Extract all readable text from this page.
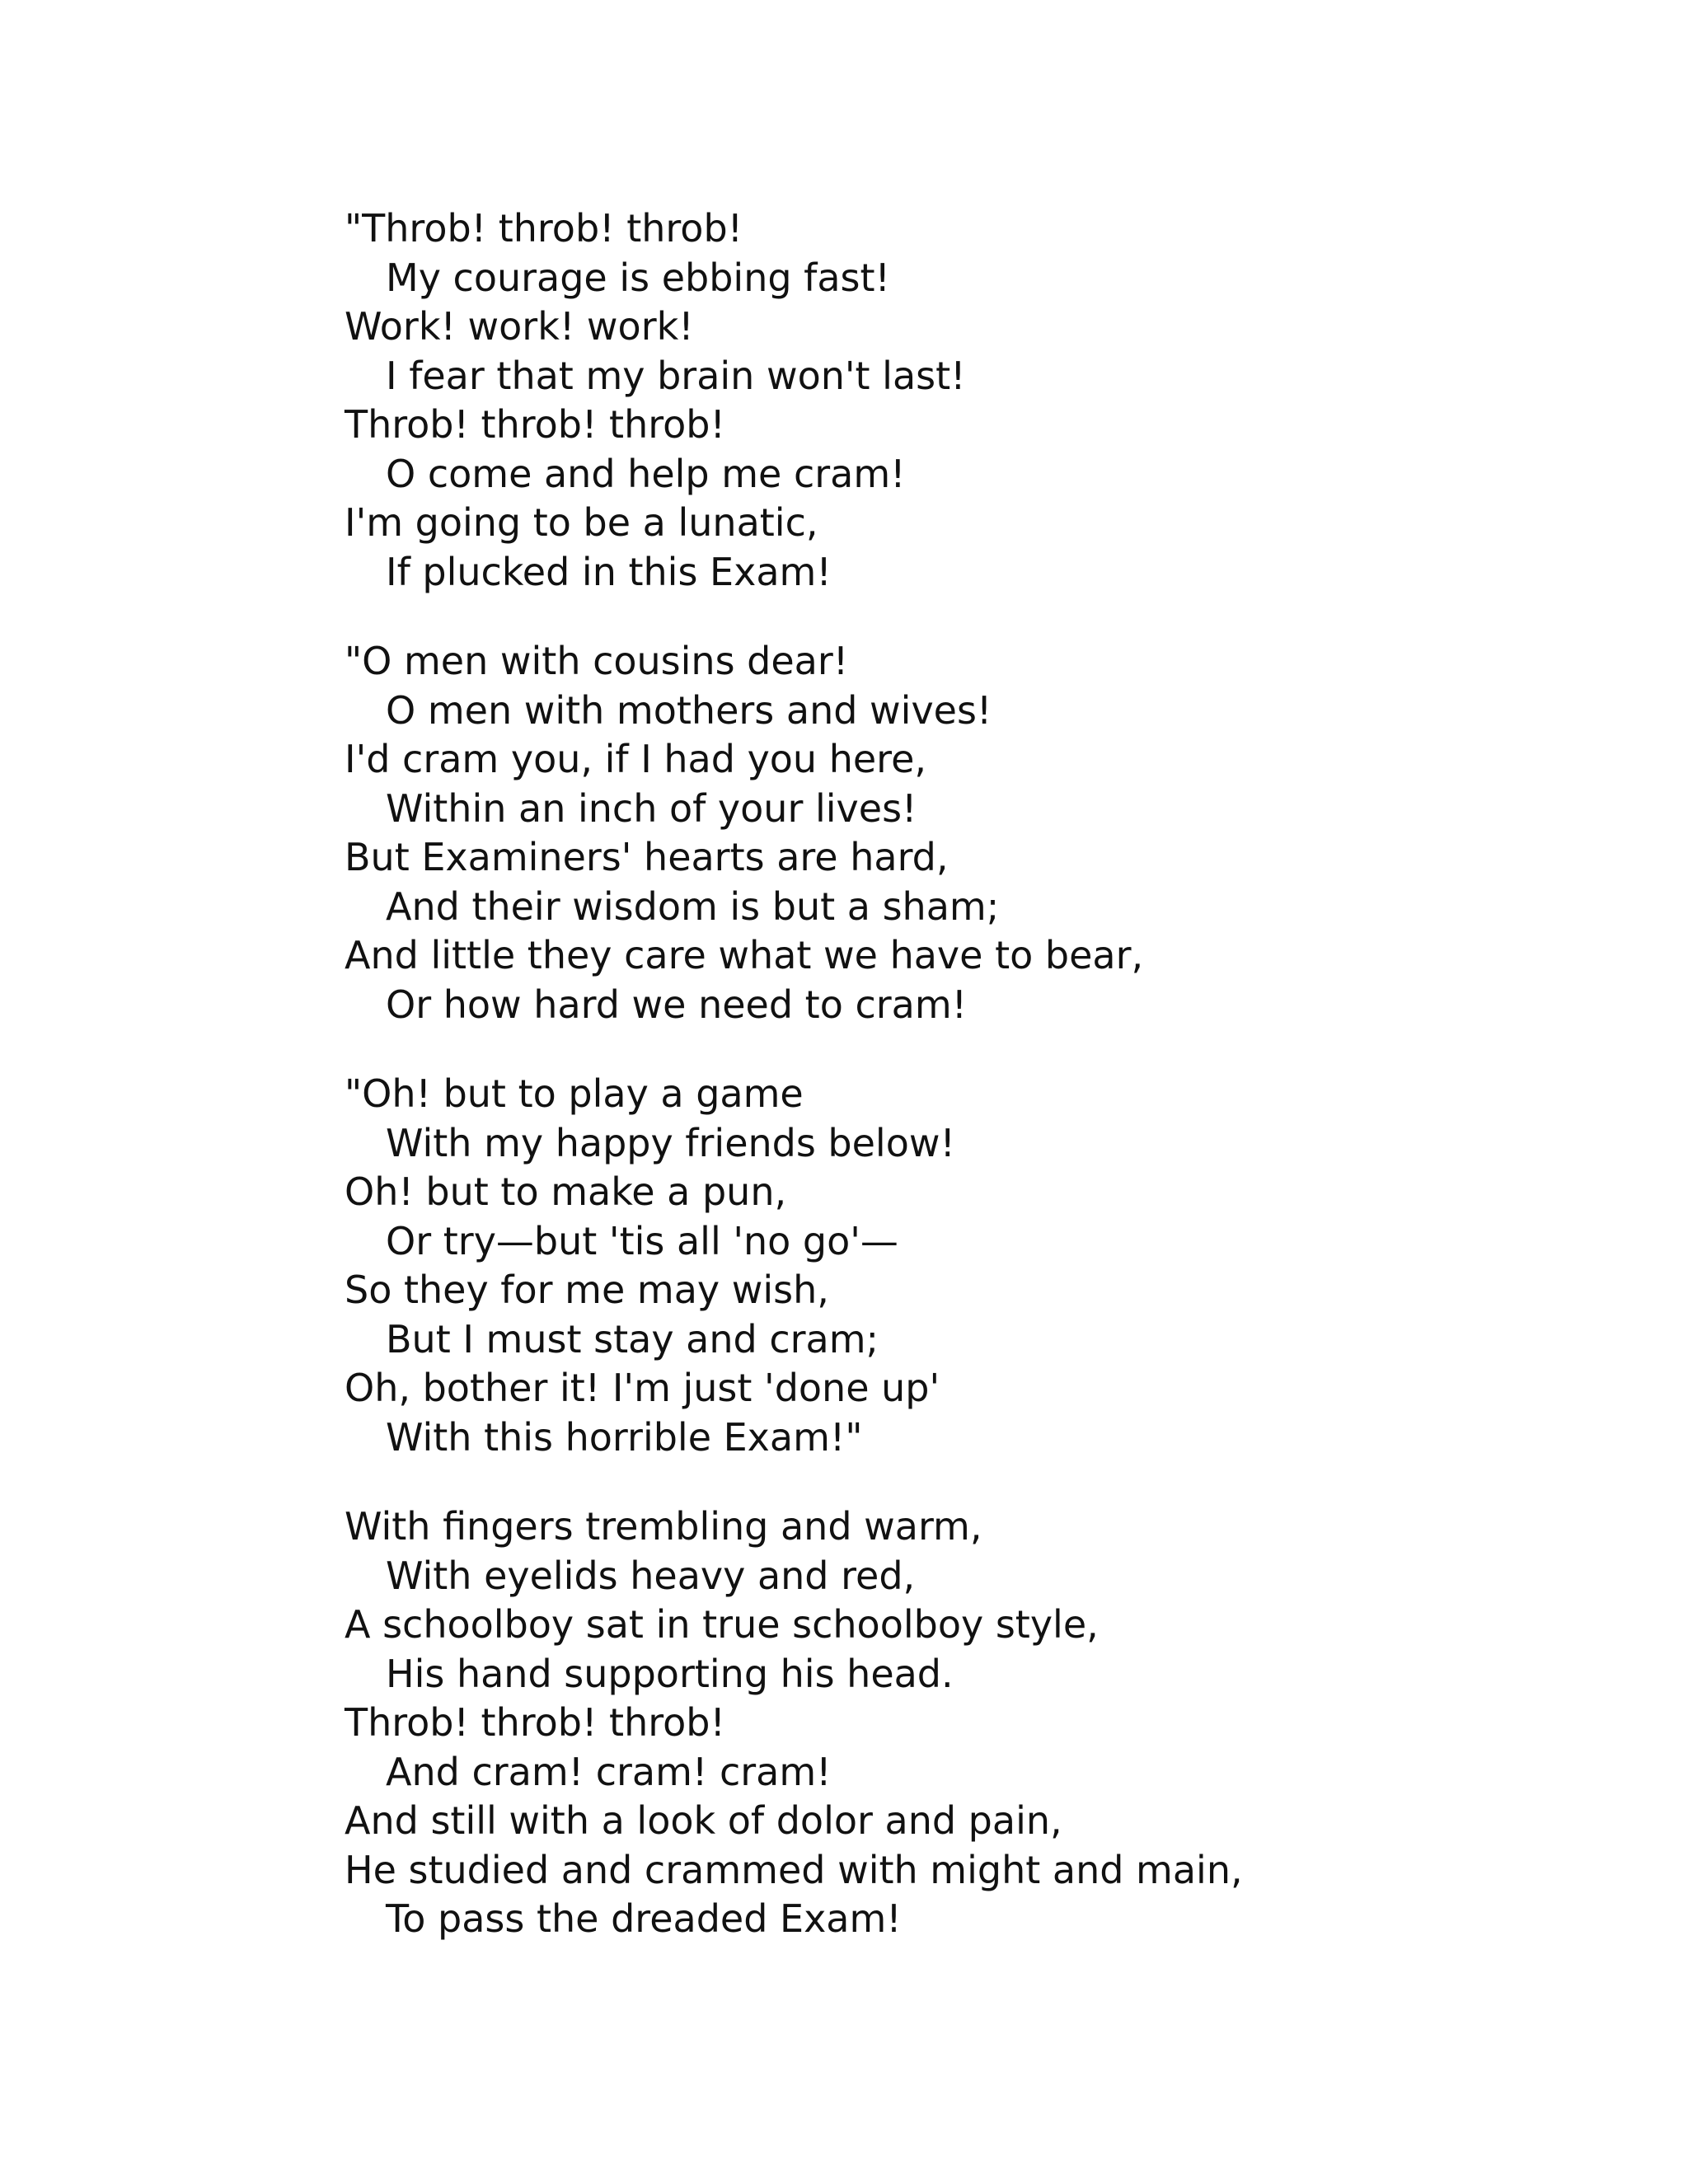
"Throb! throb! throb!
My courage is ebbing fast!
Work! work! work!
I fear that my brain won't last!
Throb! throb! throb!
O come and help me cram!
I'm going to be a lunatic,
If plucked in this Exam!
"O men with cousins dear!
O men with mothers and wives!
I'd cram you, if I had you here,
Within an inch of your lives!
But Examiners' hearts are hard,
And their wisdom is but a sham;
And little they care what we have to bear,
Or how hard we need to cram!
"Oh! but to play a game
With my happy friends below!
Oh! but to make a pun,
Or try—but 'tis all 'no go'—
So they for me may wish,
But I must stay and cram;
Oh, bother it! I'm just 'done up'
With this horrible Exam!"
With fingers trembling and warm,
With eyelids heavy and red,
A schoolboy sat in true schoolboy style,
His hand supporting his head.
Throb! throb! throb!
And cram! cram! cram!
And still with a look of dolor and pain,
He studied and crammed with might and main,
To pass the dreaded Exam!
